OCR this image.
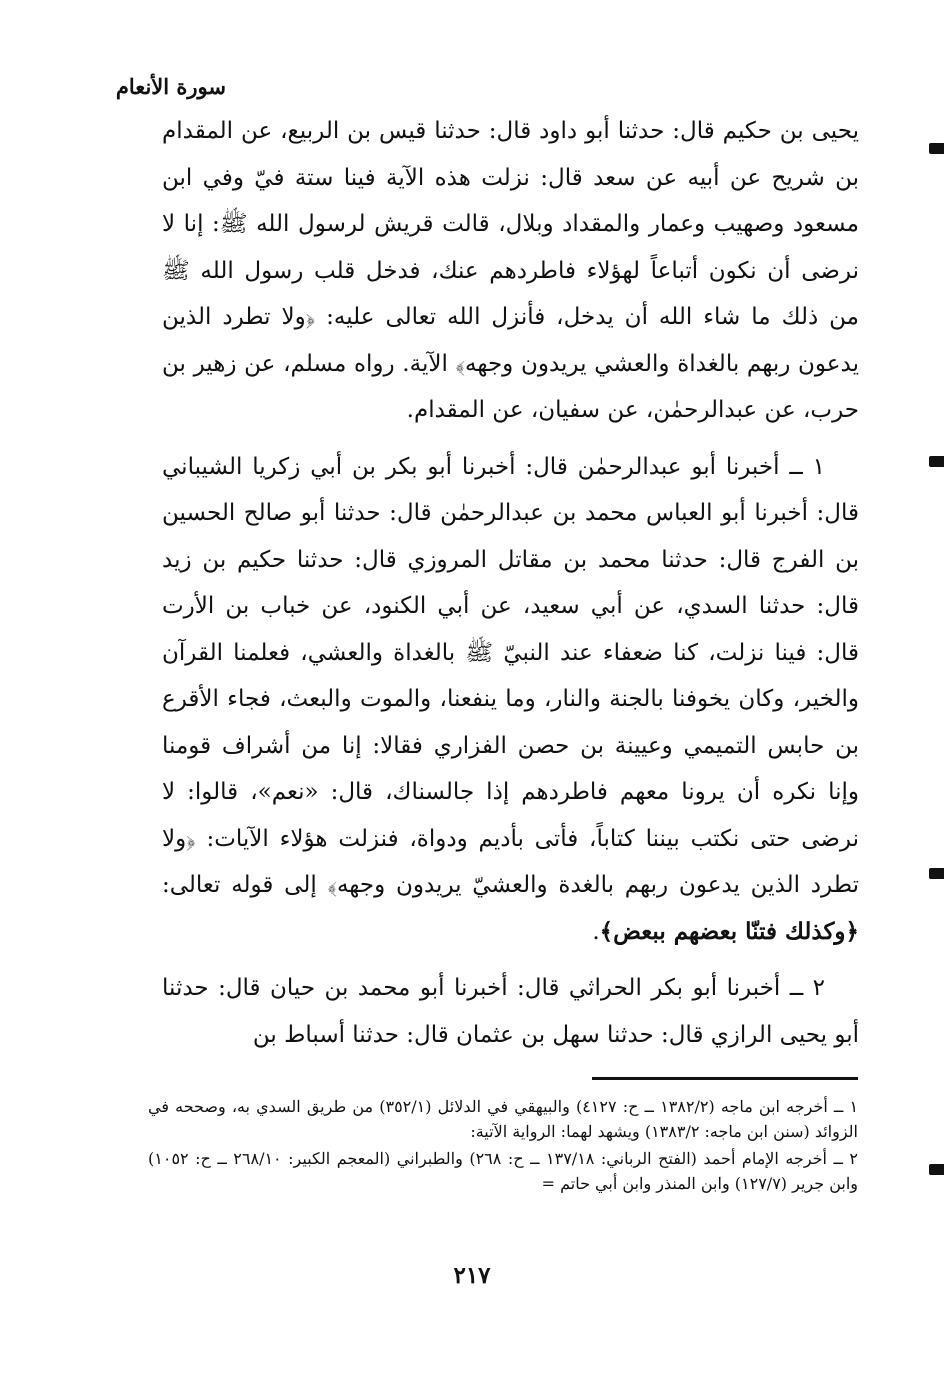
سورة الأنعام

يحيى بن حكيم قال: حدثنا أبو داود قال: حدثنا قيس بن الربيع، عن المقدام بن شريح عن أبيه عن سعد قال: نزلت هذه الآية فينا ستة فيّ وفي ابن مسعود وصهيب وعمار والمقداد وبلال، قالت قريش لرسول الله ﷺ: إنا لا نرضى أن نكون أتباعاً لهؤلاء فاطردهم عنك، فدخل قلب رسول الله ﷺ من ذلك ما شاء الله أن يدخل، فأنزل الله تعالى عليه: ﴿ولا تطرد الذين يدعون ربهم بالغداة والعشي يريدون وجهه﴾ الآية. رواه مسلم، عن زهير بن حرب، عن عبدالرحمٰن، عن سفيان، عن المقدام.

١ ــ أخبرنا أبو عبدالرحمٰن قال: أخبرنا أبو بكر بن أبي زكريا الشيباني قال: أخبرنا أبو العباس محمد بن عبدالرحمٰن قال: حدثنا أبو صالح الحسين بن الفرج قال: حدثنا محمد بن مقاتل المروزي قال: حدثنا حكيم بن زيد قال: حدثنا السدي، عن أبي سعيد، عن أبي الكنود، عن خباب بن الأرت قال: فينا نزلت، كنا ضعفاء عند النبيّ ﷺ بالغداة والعشي، فعلمنا القرآن والخير، وكان يخوفنا بالجنة والنار، وما ينفعنا، والموت والبعث، فجاء الأقرع بن حابس التميمي وعيينة بن حصن الفزاري فقالا: إنا من أشراف قومنا وإنا نكره أن يرونا معهم فاطردهم إذا جالسناك، قال: «نعم»، قالوا: لا نرضى حتى نكتب بيننا كتاباً، فأتى بأديم ودواة، فنزلت هؤلاء الآيات: ﴿ولا تطرد الذين يدعون ربهم بالغدة والعشيّ يريدون وجهه﴾ إلى قوله تعالى: ﴿وكذلك فتنّا بعضهم ببعض﴾.

٢ ــ أخبرنا أبو بكر الحراثي قال: أخبرنا أبو محمد بن حيان قال: حدثنا أبو يحيى الرازي قال: حدثنا سهل بن عثمان قال: حدثنا أسباط بن

١ ــ أخرجه ابن ماجه (١٣٨٢/٢ ــ ح: ٤١٢٧) والبيهقي في الدلائل (٣٥٢/١) من طريق السدي به، وصححه في الزوائد (سنن ابن ماجه: ١٣٨٣/٢) ويشهد لهما: الرواية الآتية:

٢ ــ أخرجه الإمام أحمد (الفتح الرباني: ١٣٧/١٨ ــ ح: ٢٦٨) والطبراني (المعجم الكبير: ٢٦٨/١٠ ــ ح: ١٠٥٢) وابن جرير (١٢٧/٧) وابن المنذر وابن أبي حاتم =

٢١٧
